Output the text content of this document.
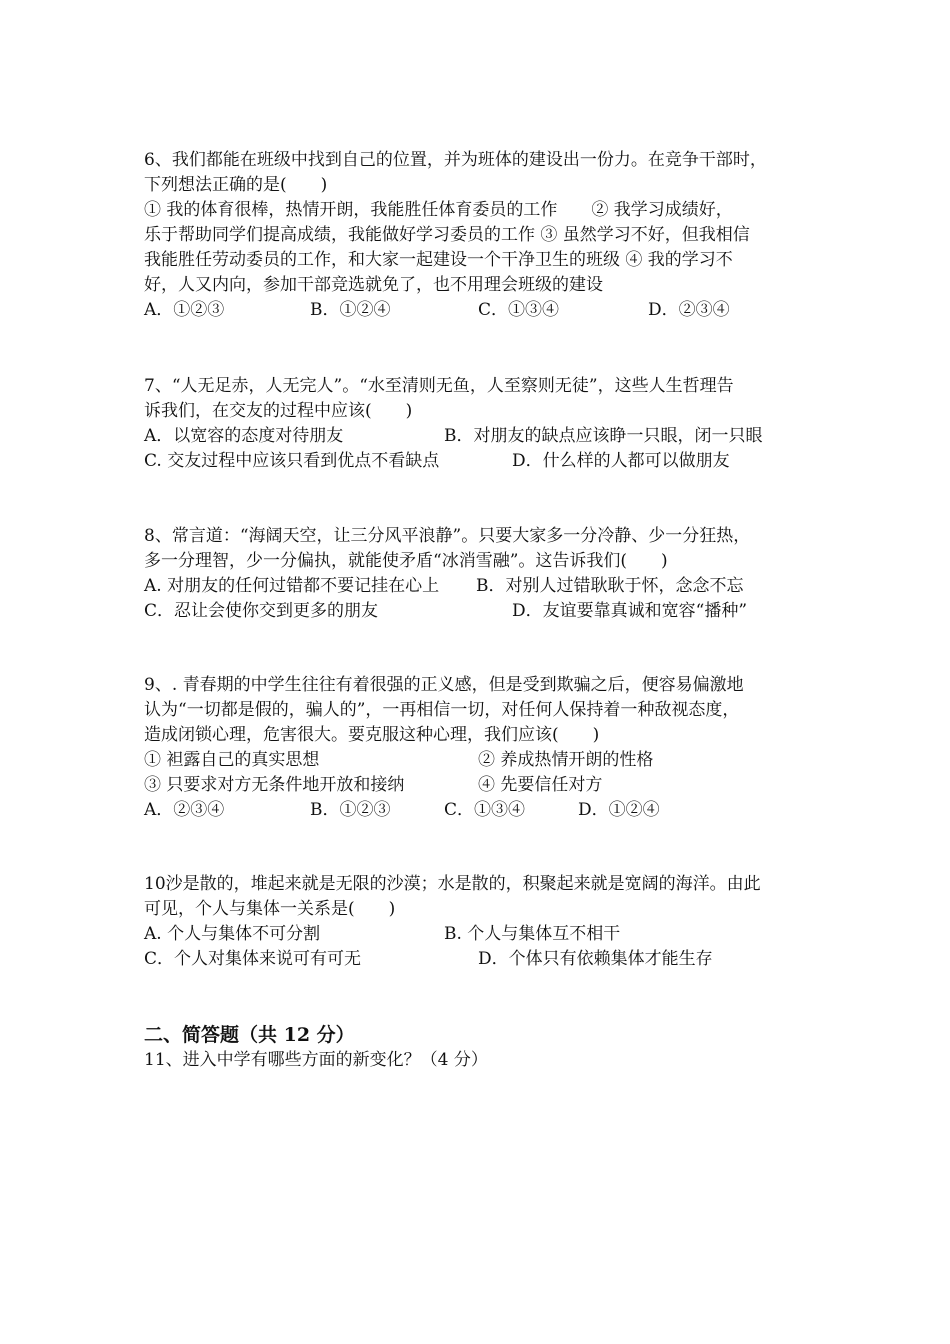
6、我们都能在班级中找到自己的位置，并为班体的建设出一份力。在竞争干部时，
下列想法正确的是(　　)
① 我的体育很棒，热情开朗，我能胜任体育委员的工作　　② 我学习成绩好，
乐于帮助同学们提高成绩，我能做好学习委员的工作 ③ 虽然学习不好，但我相信
我能胜任劳动委员的工作，和大家一起建设一个干净卫生的班级 ④ 我的学习不
好，人又内向，参加干部竞选就免了，也不用理会班级的建设
A．①②③	B．①②④	C．①③④	D．②③④
7、“人无足赤，人无完人”。“水至清则无鱼，人至察则无徒”，这些人生哲理告
诉我们，在交友的过程中应该(　　)
A．以宽容的态度对待朋友	B．对朋友的缺点应该睁一只眼，闭一只眼
C. 交友过程中应该只看到优点不看缺点	D．什么样的人都可以做朋友
8、常言道：“海阔天空，让三分风平浪静”。只要大家多一分冷静、少一分狂热，
多一分理智，少一分偏执，就能使矛盾“冰消雪融”。这告诉我们(　　)
A. 对朋友的任何过错都不要记挂在心上 B．对别人过错耿耿于怀，念念不忘
C．忍让会使你交到更多的朋友	D．友谊要靠真诚和宽容“播种”
9、. 青春期的中学生往往有着很强的正义感，但是受到欺骗之后，便容易偏激地
认为“一切都是假的，骗人的”，一再相信一切，对任何人保持着一种敌视态度，
造成闭锁心理，危害很大。要克服这种心理，我们应该(　　)
① 袒露自己的真实思想	② 养成热情开朗的性格
③ 只要求对方无条件地开放和接纳	④ 先要信任对方
A．②③④	B．①②③	C．①③④	D．①②④
10沙是散的，堆起来就是无限的沙漠；水是散的，积聚起来就是宽阔的海洋。由此
可见，个人与集体一关系是(　　)
A. 个人与集体不可分割	B. 个人与集体互不相干
C．个人对集体来说可有可无	D．个体只有依赖集体才能生存
二、简答题（共 12 分）
11、进入中学有哪些方面的新变化？（4 分）
